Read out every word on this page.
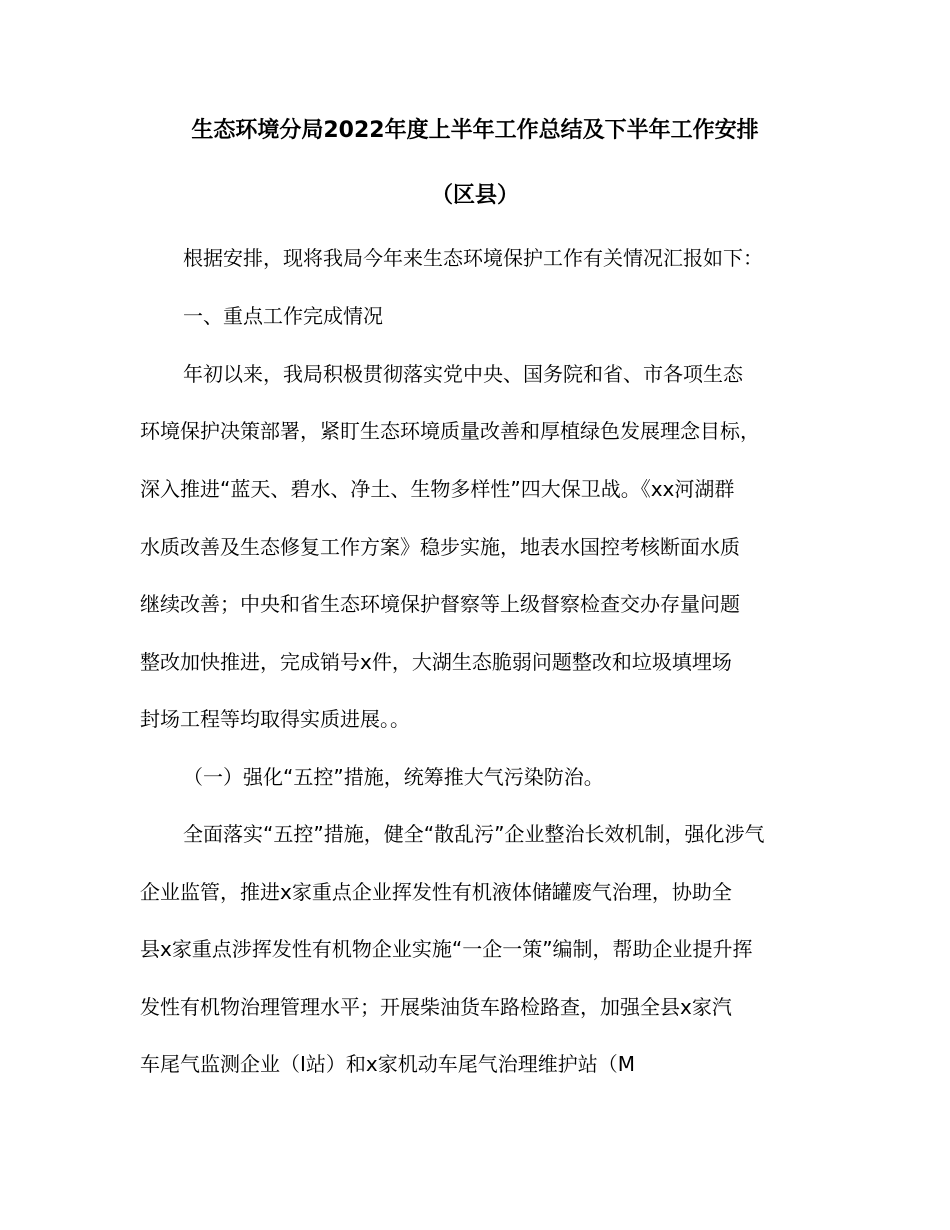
生态环境分局2022年度上半年工作总结及下半年工作安排
（区县）
根据安排，现将我局今年来生态环境保护工作有关情况汇报如下：
一、重点工作完成情况
年初以来，我局积极贯彻落实党中央、国务院和省、市各项生态
环境保护决策部署，紧盯生态环境质量改善和厚植绿色发展理念目标，
深入推进“蓝天、碧水、净土、生物多样性”四大保卫战。《xx河湖群
水质改善及生态修复工作方案》稳步实施，地表水国控考核断面水质
继续改善；中央和省生态环境保护督察等上级督察检查交办存量问题
整改加快推进，完成销号x件，大湖生态脆弱问题整改和垃圾填埋场
封场工程等均取得实质进展。。
（一）强化“五控”措施，统筹推大气污染防治。
全面落实“五控”措施，健全“散乱污”企业整治长效机制，强化涉气
企业监管，推进x家重点企业挥发性有机液体储罐废气治理，协助全
县x家重点涉挥发性有机物企业实施“一企一策”编制，帮助企业提升挥
发性有机物治理管理水平；开展柴油货车路检路查，加强全县x家汽
车尾气监测企业（I站）和x家机动车尾气治理维护站（M
